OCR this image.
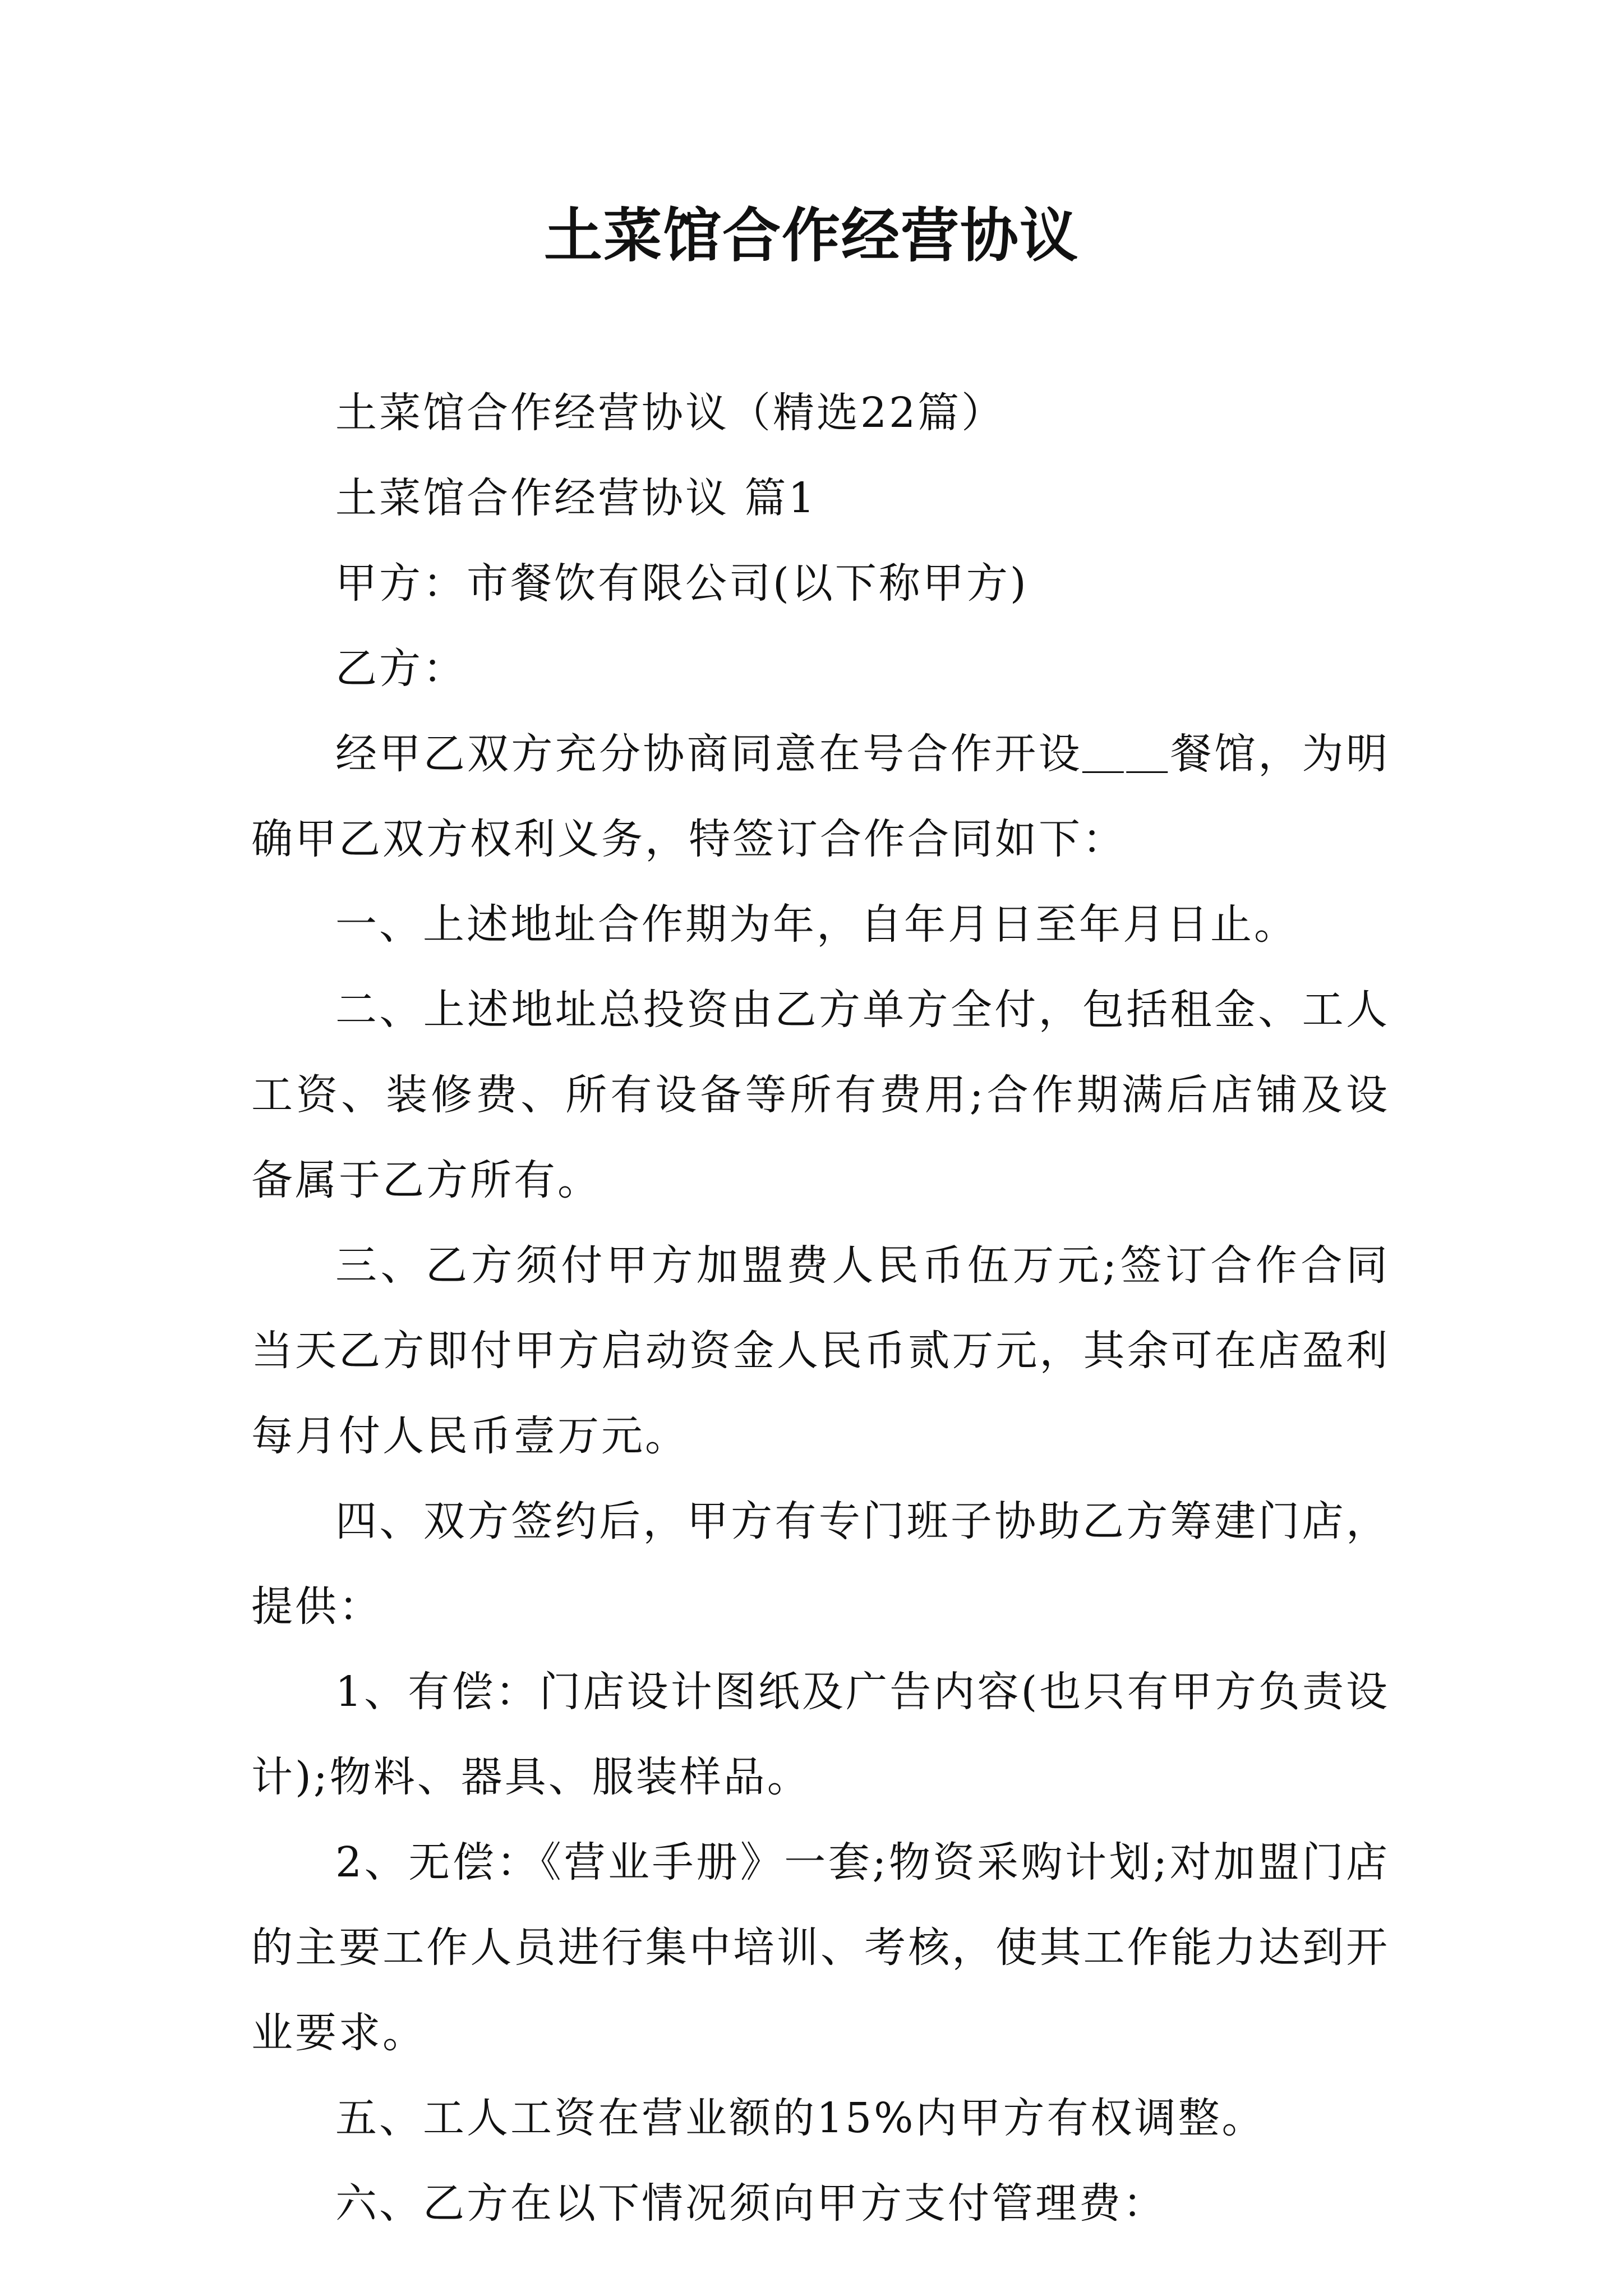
土菜馆合作经营协议

土菜馆合作经营协议（精选22篇）

土菜馆合作经营协议 篇1

甲方：市餐饮有限公司(以下称甲方)

乙方：

经甲乙双方充分协商同意在号合作开设＿＿餐馆，为明确甲乙双方权利义务，特签订合作合同如下：

一、上述地址合作期为年，自年月日至年月日止。

二、上述地址总投资由乙方单方全付，包括租金、工人工资、装修费、所有设备等所有费用;合作期满后店铺及设备属于乙方所有。

三、乙方须付甲方加盟费人民币伍万元;签订合作合同当天乙方即付甲方启动资金人民币贰万元，其余可在店盈利每月付人民币壹万元。

四、双方签约后，甲方有专门班子协助乙方筹建门店，提供：

1、有偿：门店设计图纸及广告内容(也只有甲方负责设计);物料、器具、服装样品。

2、无偿：《营业手册》一套;物资采购计划;对加盟门店的主要工作人员进行集中培训、考核，使其工作能力达到开业要求。

五、工人工资在营业额的15%内甲方有权调整。

六、乙方在以下情况须向甲方支付管理费：
